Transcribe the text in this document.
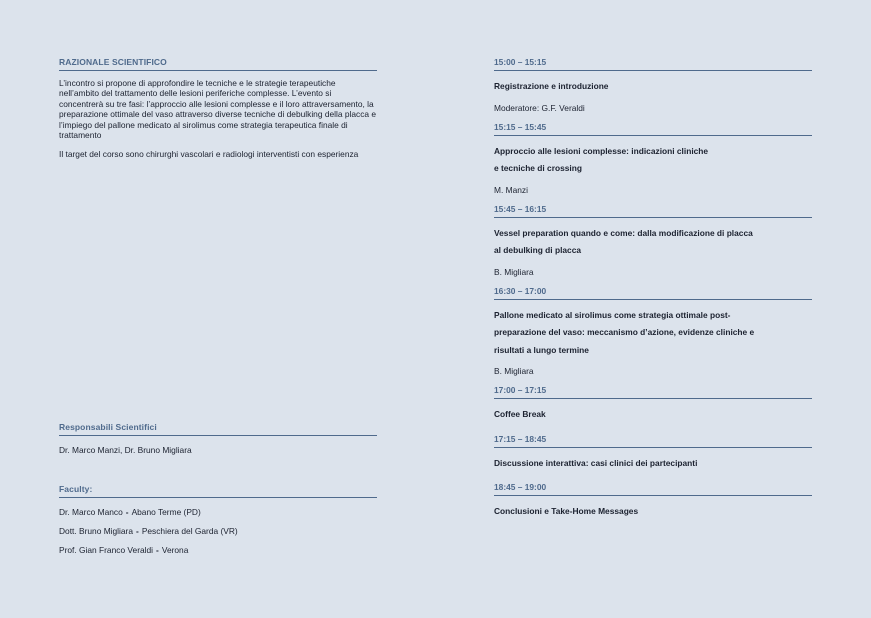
RAZIONALE SCIENTIFICO
L’incontro si propone di approfondire le tecniche e le strategie terapeutiche nell’ambito del trattamento delle lesioni periferiche complesse. L’evento si concentrerà su tre fasi: l’approccio alle lesioni complesse e il loro attraversamento, la preparazione ottimale del vaso attraverso diverse tecniche di debulking della placca e l’impiego del pallone medicato al sirolimus come strategia terapeutica finale di trattamento
Il target del corso sono chirurghi vascolari e radiologi interventisti con esperienza
Responsabili Scientifici
Dr. Marco Manzi, Dr. Bruno Migliara
Faculty:
Dr. Marco Manco - Abano Terme (PD)
Dott. Bruno Migliara - Peschiera del Garda (VR)
Prof. Gian Franco Veraldi - Verona
15:00 – 15:15
Registrazione e introduzione
Moderatore: G.F. Veraldi
15:15 – 15:45
Approccio alle lesioni complesse: indicazioni cliniche
e tecniche di crossing
M. Manzi
15:45 – 16:15
Vessel preparation quando e come: dalla modificazione di placca
al debulking di placca
B. Migliara
16:30 – 17:00
Pallone medicato al sirolimus come strategia ottimale post-
preparazione del vaso: meccanismo d’azione, evidenze cliniche e
risultati a lungo termine
B. Migliara
17:00 – 17:15
Coffee Break
17:15 – 18:45
Discussione interattiva: casi clinici dei partecipanti
18:45 – 19:00
Conclusioni e Take-Home Messages
